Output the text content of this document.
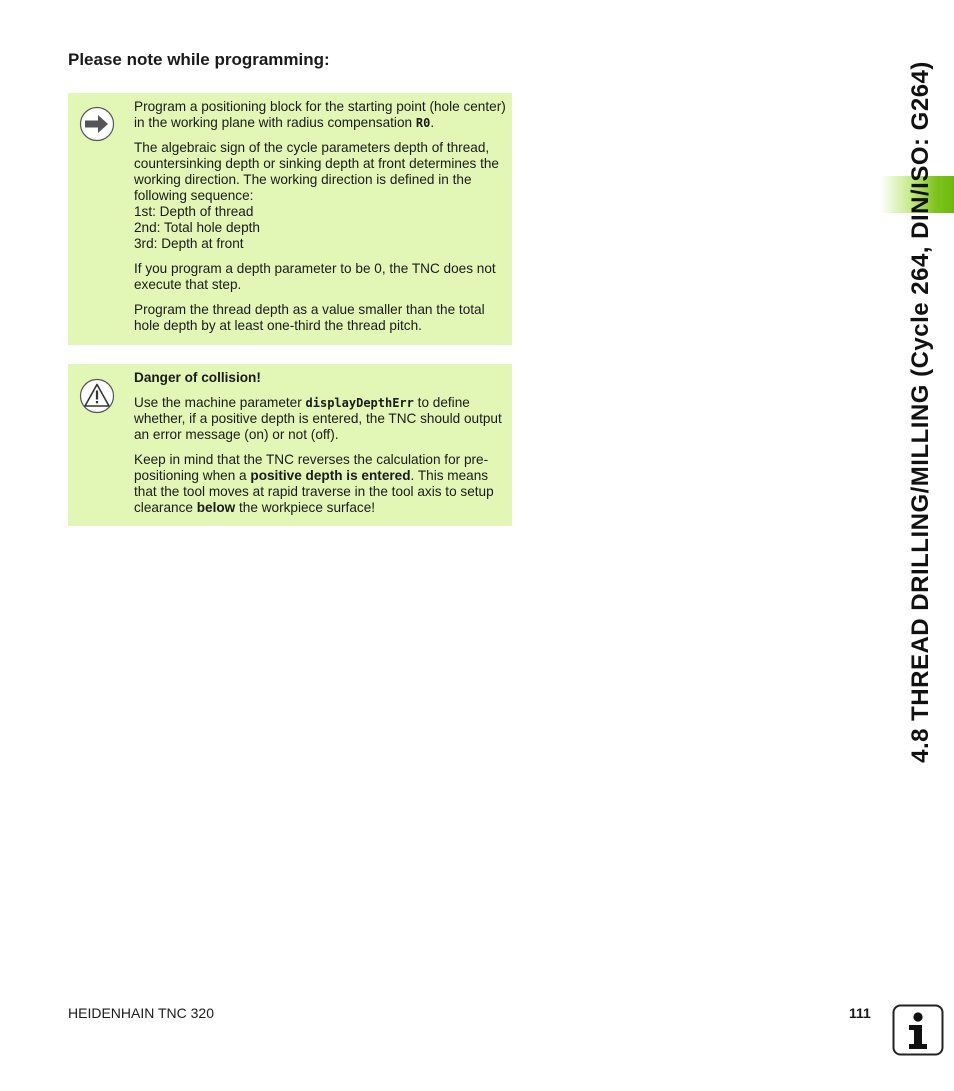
Please note while programming:

Program a positioning block for the starting point (hole center) in the working plane with radius compensation R0.

The algebraic sign of the cycle parameters depth of thread, countersinking depth or sinking depth at front determines the working direction. The working direction is defined in the following sequence:
1st: Depth of thread
2nd: Total hole depth
3rd: Depth at front

If you program a depth parameter to be 0, the TNC does not execute that step.

Program the thread depth as a value smaller than the total hole depth by at least one-third the thread pitch.

Danger of collision!

Use the machine parameter displayDepthErr to define whether, if a positive depth is entered, the TNC should output an error message (on) or not (off).

Keep in mind that the TNC reverses the calculation for pre-positioning when a positive depth is entered. This means that the tool moves at rapid traverse in the tool axis to setup clearance below the workpiece surface!	4.8 THREAD DRILLING/MILLING (Cycle 264, DIN/ISO: G264)
HEIDENHAIN TNC 320	111
